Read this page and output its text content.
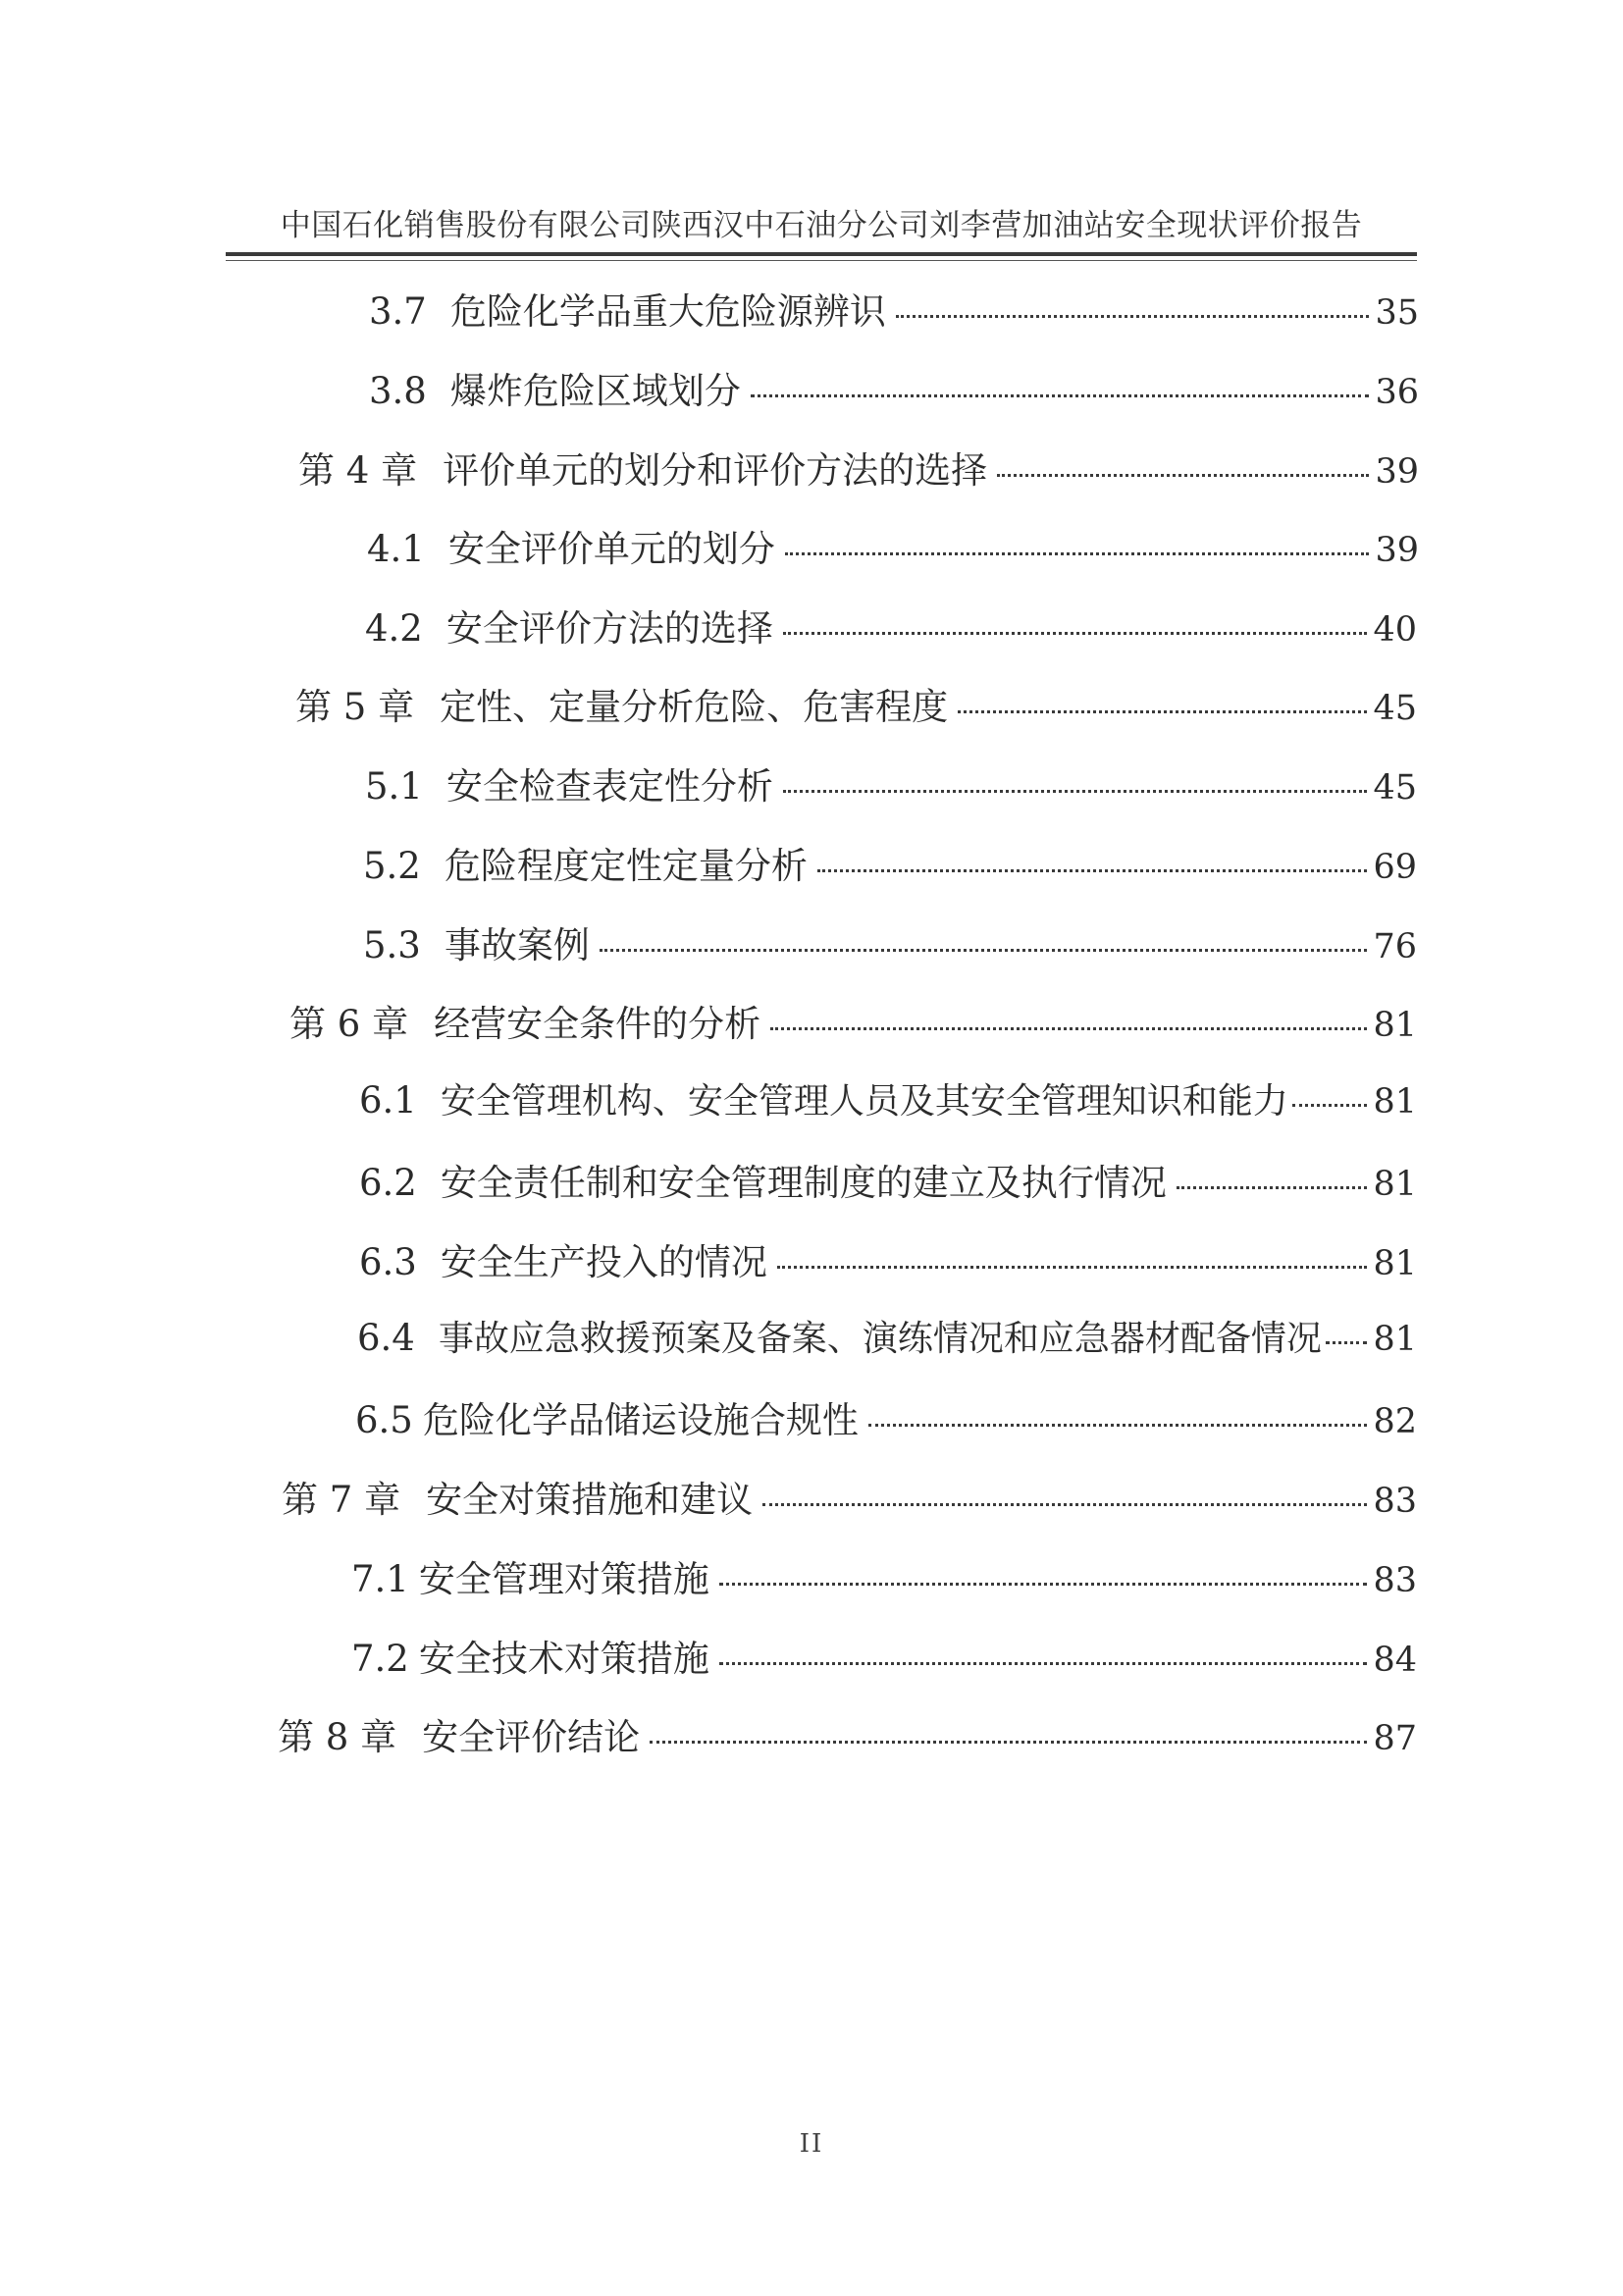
中国石化销售股份有限公司陕西汉中石油分公司刘李营加油站安全现状评价报告
3.7 危险化学品重大危险源辨识	35
3.8 爆炸危险区域划分	36
第 4 章 评价单元的划分和评价方法的选择	39
4.1 安全评价单元的划分	39
4.2 安全评价方法的选择	40
第 5 章 定性、定量分析危险、危害程度	45
5.1 安全检查表定性分析	45
5.2 危险程度定性定量分析	69
5.3 事故案例	76
第 6 章 经营安全条件的分析	81
6.1 安全管理机构、安全管理人员及其安全管理知识和能力 81
6.2 安全责任制和安全管理制度的建立及执行情况	81
6.3 安全生产投入的情况	81
6.4 事故应急救援预案及备案、演练情况和应急器材配备情况 81
6.5 危险化学品储运设施合规性	82
第 7 章 安全对策措施和建议	83
7.1 安全管理对策措施	83
7.2 安全技术对策措施	84
第 8 章 安全评价结论	87
II
